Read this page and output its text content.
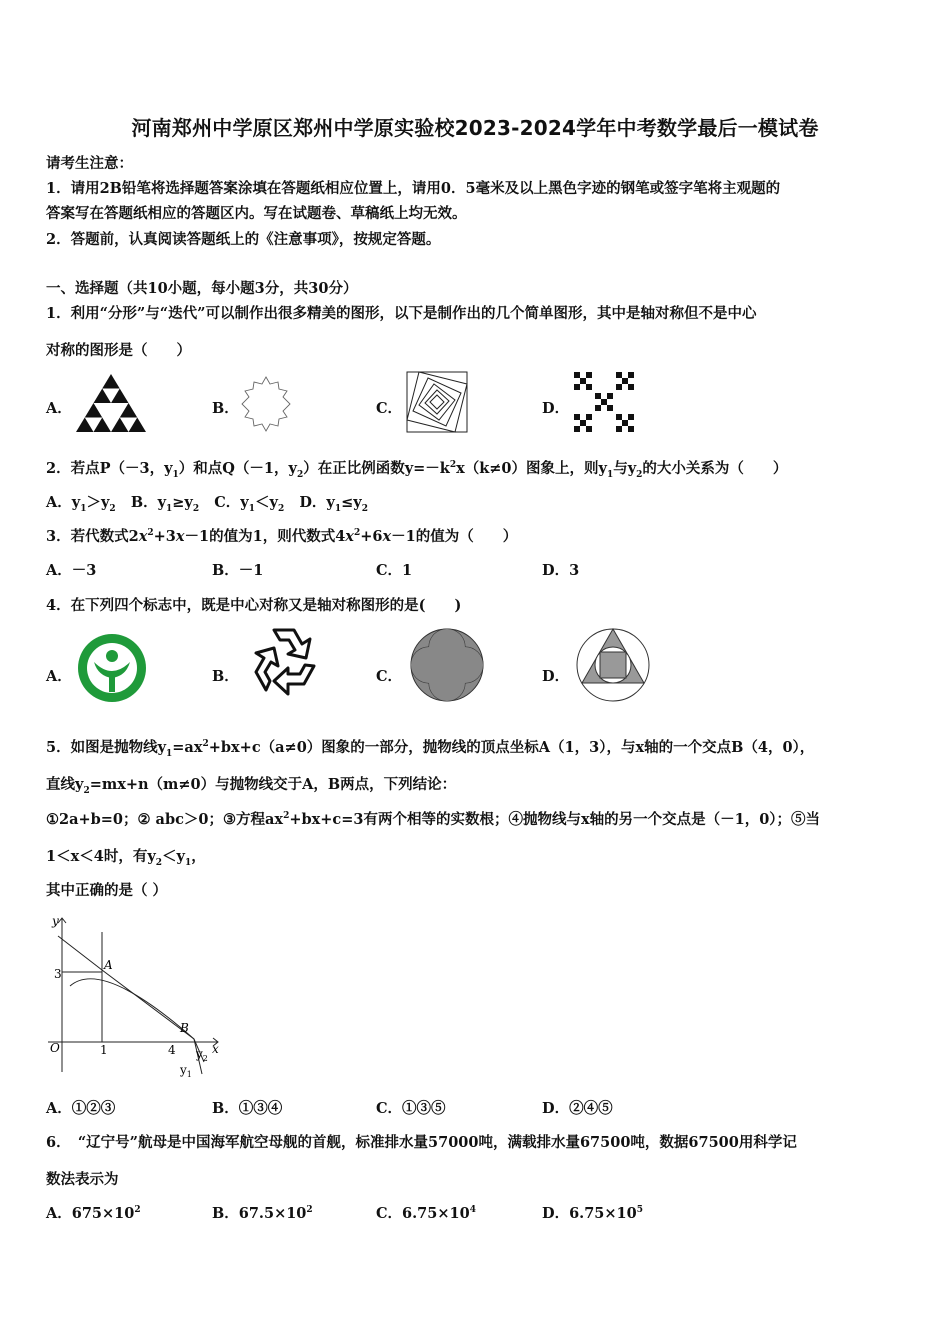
河南郑州中学原区郑州中学原实验校2023-2024学年中考数学最后一模试卷
请考生注意：
1．请用2B铅笔将选择题答案涂填在答题纸相应位置上，请用0．5毫米及以上黑色字迹的钢笔或签字笔将主观题的
答案写在答题纸相应的答题区内。写在试题卷、草稿纸上均无效。
2．答题前，认真阅读答题纸上的《注意事项》，按规定答题。
一、选择题（共10小题，每小题3分，共30分）
1．利用“分形”与“迭代”可以制作出很多精美的图形，以下是制作出的几个简单图形，其中是轴对称但不是中心
对称的图形是（　　）
A．	B．	C．	D．
2．若点P（－3，$y_1$）和点Q（－1，$y_2$）在正比例函数$y=-k^2x(k\ne 0)$图象上，则$y_1$与$y_2$的大小关系为（　　）
A．$y_1>y_2$ B．$y_1\ge y_2$ C．$y_1<y_2$ D．$y_1\le y_2$
3．若代数式$2x^2+3x-1$的值为1，则代数式$4x^2+6x-1$的值为（　　）
A．－3	B．－1	C．1	D．3
4．在下列四个标志中，既是中心对称又是轴对称图形的是(　　)
A．	B．	C．	D．
5．如图是抛物线$y_1=ax^2+bx+c(a\ne 0)$图象的一部分，抛物线的顶点坐标A（1，3），与x轴的一个交点B（4，0），
直线$y_2=mx+n(m\ne 0)$与抛物线交于A，B两点，下列结论：
①2a+b=0；② abc＞0；③方程$ax^2+bx+c=3$有两个相等的实数根；④抛物线与x轴的另一个交点是（－1，0）；⑤当
1＜x＜4时，有$y_2<y_1$，
其中正确的是（ ）
y
x
O
3
1	4
A
B
$y_2$
$y_1$
A．①②③	B．①③④	C．①③⑤	D．②④⑤
6．　“辽宁号”航母是中国海军航空母舰的首舰，标准排水量57000吨，满载排水量67500吨，数据67500用科学记
数法表示为
A．$675\times 10^2$	B．$67.5\times 10^2$	C．$6.75\times 10^4$	D．$6.75\times 10^5$
